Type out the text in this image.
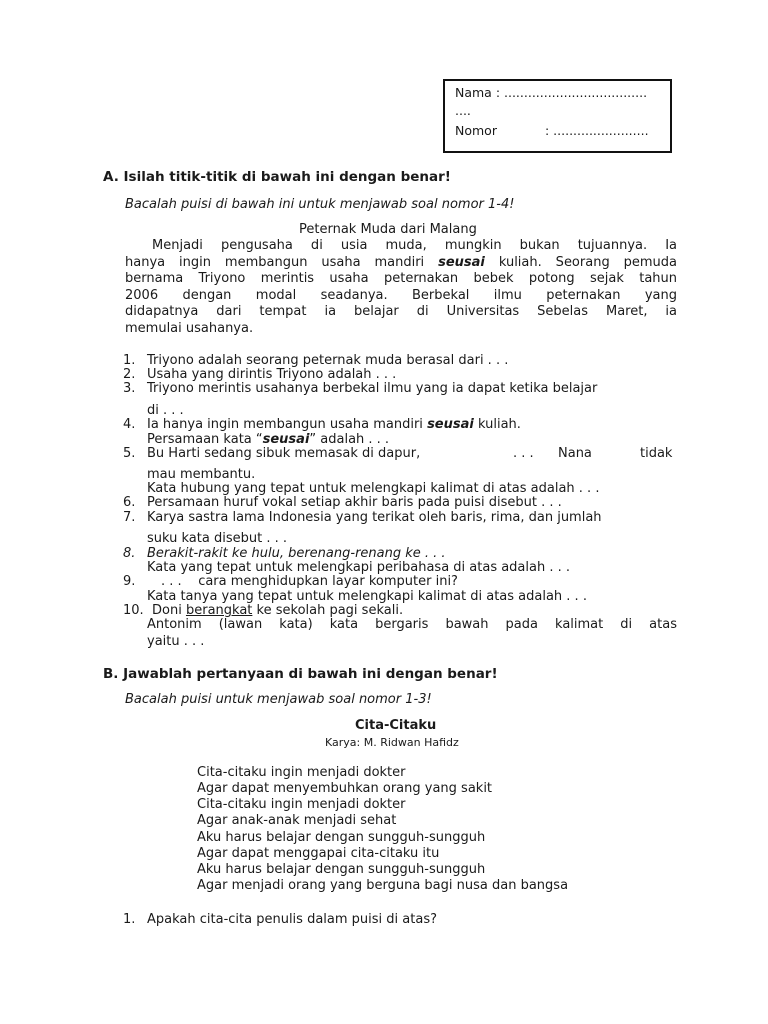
Nama : ....................................
....
Nomor	: ........................
A. Isilah titik-titik di bawah ini dengan benar!
Bacalah puisi di bawah ini untuk menjawab soal nomor 1-4!
Peternak Muda dari Malang
Menjadi pengusaha di usia muda, mungkin bukan tujuannya. Ia
hanya ingin membangun usaha mandiri seusai kuliah. Seorang pemuda
bernama Triyono merintis usaha peternakan bebek potong sejak tahun
2006 dengan modal seadanya. Berbekal ilmu peternakan yang
didapatnya dari tempat ia belajar di Universitas Sebelas Maret, ia
memulai usahanya.
1. Triyono adalah seorang peternak muda berasal dari . . .
2. Usaha yang dirintis Triyono adalah . . .
3. Triyono merintis usahanya berbekal ilmu yang ia dapat ketika belajar
di . . .
4. Ia hanya ingin membangun usaha mandiri seusai kuliah.
Persamaan kata “seusai” adalah . . .
5. Bu Harti sedang sibuk memasak di dapur,	. . . Nana	tidak
mau membantu.
Kata hubung yang tepat untuk melengkapi kalimat di atas adalah . . .
6. Persamaan huruf vokal setiap akhir baris pada puisi disebut . . .
7. Karya sastra lama Indonesia yang terikat oleh baris, rima, dan jumlah
suku kata disebut . . .
8. Berakit-rakit ke hulu, berenang-renang ke . . .
Kata yang tepat untuk melengkapi peribahasa di atas adalah . . .
9. . . .    cara menghidupkan layar komputer ini?
Kata tanya yang tepat untuk melengkapi kalimat di atas adalah . . .
10. Doni berangkat ke sekolah pagi sekali.
Antonim (lawan kata) kata bergaris bawah pada kalimat di atas
yaitu . . .
B. Jawablah pertanyaan di bawah ini dengan benar!
Bacalah puisi untuk menjawab soal nomor 1-3!
Cita-Citaku
Karya: M. Ridwan Hafidz
Cita-citaku ingin menjadi dokter
Agar dapat menyembuhkan orang yang sakit
Cita-citaku ingin menjadi dokter
Agar anak-anak menjadi sehat
Aku harus belajar dengan sungguh-sungguh
Agar dapat menggapai cita-citaku itu
Aku harus belajar dengan sungguh-sungguh
Agar menjadi orang yang berguna bagi nusa dan bangsa
1. Apakah cita-cita penulis dalam puisi di atas?
